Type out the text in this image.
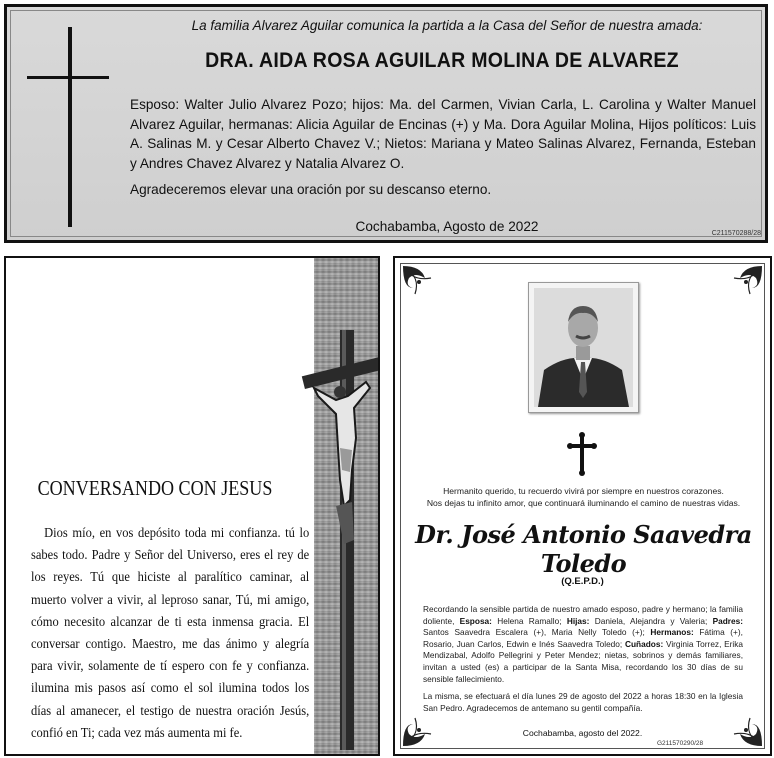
La familia Alvarez Aguilar comunica la partida a la Casa del Señor de nuestra amada:
DRA. AIDA ROSA AGUILAR MOLINA DE ALVAREZ
Esposo: Walter Julio Alvarez Pozo; hijos: Ma. del Carmen, Vivian Carla, L. Carolina y Walter Manuel Alvarez Aguilar, hermanas: Alicia Aguilar de Encinas (+) y Ma. Dora Aguilar Molina, Hijos políticos: Luis A. Salinas M. y Cesar Alberto Chavez V.; Nietos: Mariana y Mateo Salinas Alvarez, Fernanda, Esteban y Andres Chavez Alvarez y Natalia Alvarez O.
Agradeceremos elevar una oración por su descanso eterno.
Cochabamba, Agosto de 2022	C211570288/28
CONVERSANDO CON JESUS
Dios mío, en vos depósito toda mi confianza. tú lo sabes todo. Padre y Señor del Universo, eres el rey de los reyes. Tú que hiciste al paralítico caminar, al muerto volver a vivir, al leproso sanar, Tú, mi amigo, cómo necesito alcanzar de ti esta inmensa gracia. El conversar contigo. Maestro, me das ánimo y alegría para vivir, solamente de tí espero con fe y confianza. ilumina mis pasos así como el sol ilumina todos los días al amanecer, el testigo de nuestra oración Jesús, confió en Ti; cada vez más aumenta mi fe.
Hermanito querido, tu recuerdo vivirá por siempre en nuestros corazones.
Nos dejas tu infinito amor, que continuará iluminando el camino de nuestras vidas.
Dr. José Antonio Saavedra Toledo
(Q.E.P.D.)
Recordando la sensible partida de nuestro amado esposo, padre y hermano; la familia doliente, Esposa: Helena Ramallo; Hijas: Daniela, Alejandra y Valeria; Padres: Santos Saavedra Escalera (+), Maria Nelly Toledo (+); Hermanos: Fátima (+), Rosario, Juan Carlos, Edwin e Inés Saavedra Toledo; Cuñados: Virginia Torrez, Erika Mendizabal, Adolfo Pellegrini y Peter Mendez; nietas, sobrinos y demás familiares, invitan a usted (es) a participar de la Santa Misa, recordando los 30 días de su sensible fallecimiento.
La misma, se efectuará el día lunes 29 de agosto del 2022 a horas 18:30 en la Iglesia San Pedro. Agradecemos de antemano su gentil compañía.
Cochabamba, agosto del 2022.
G211570290/28
